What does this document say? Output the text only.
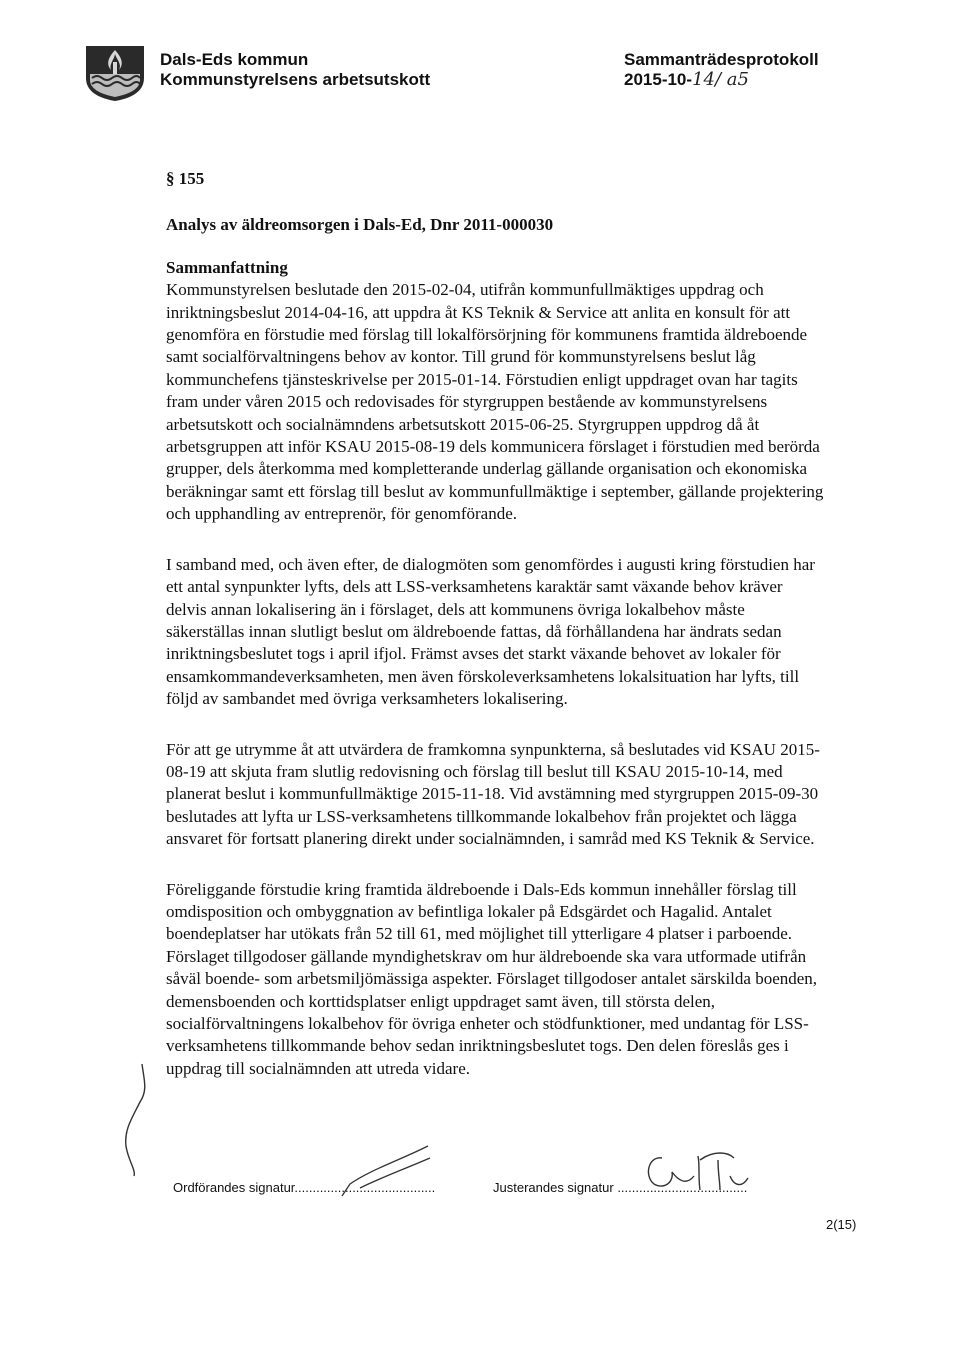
Dals-Eds kommun
Kommunstyrelsens arbetsutskott
Sammanträdesprotokoll
2015-10-14/ a5
§ 155
Analys av äldreomsorgen i Dals-Ed, Dnr 2011-000030
Sammanfattning

Kommunstyrelsen beslutade den 2015-02-04, utifrån kommunfullmäktiges uppdrag och inriktningsbeslut 2014-04-16, att uppdra åt KS Teknik & Service att anlita en konsult för att genomföra en förstudie med förslag till lokalförsörjning för kommunens framtida äldreboende samt socialförvaltningens behov av kontor. Till grund för kommunstyrelsens beslut låg kommunchefens tjänsteskrivelse per 2015-01-14. Förstudien enligt uppdraget ovan har tagits fram under våren 2015 och redovisades för styrgruppen bestående av kommunstyrelsens arbetsutskott och socialnämndens arbetsutskott 2015-06-25. Styrgruppen uppdrog då åt arbetsgruppen att inför KSAU 2015-08-19 dels kommunicera förslaget i förstudien med berörda grupper, dels återkomma med kompletterande underlag gällande organisation och ekonomiska beräkningar samt ett förslag till beslut av kommunfullmäktige i september, gällande projektering och upphandling av entreprenör, för genomförande.

I samband med, och även efter, de dialogmöten som genomfördes i augusti kring förstudien har ett antal synpunkter lyfts, dels att LSS-verksamhetens karaktär samt växande behov kräver delvis annan lokalisering än i förslaget, dels att kommunens övriga lokalbehov måste säkerställas innan slutligt beslut om äldreboende fattas, då förhållandena har ändrats sedan inriktningsbeslutet togs i april ifjol. Främst avses det starkt växande behovet av lokaler för ensamkommandeverksamheten, men även förskoleverksamhetens lokalsituation har lyfts, till följd av sambandet med övriga verksamheters lokalisering.

För att ge utrymme åt att utvärdera de framkomna synpunkterna, så beslutades vid KSAU 2015-08-19 att skjuta fram slutlig redovisning och förslag till beslut till KSAU 2015-10-14, med planerat beslut i kommunfullmäktige 2015-11-18. Vid avstämning med styrgruppen 2015-09-30 beslutades att lyfta ur LSS-verksamhetens tillkommande lokalbehov från projektet och lägga ansvaret för fortsatt planering direkt under socialnämnden, i samråd med KS Teknik & Service.

Föreliggande förstudie kring framtida äldreboende i Dals-Eds kommun innehåller förslag till omdisposition och ombyggnation av befintliga lokaler på Edsgärdet och Hagalid. Antalet boendeplatser har utökats från 52 till 61, med möjlighet till ytterligare 4 platser i parboende. Förslaget tillgodoser gällande myndighetskrav om hur äldreboende ska vara utformade utifrån såväl boende- som arbetsmiljömässiga aspekter. Förslaget tillgodoser antalet särskilda boenden, demensboenden och korttidsplatser enligt uppdraget samt även, till största delen, socialförvaltningens lokalbehov för övriga enheter och stödfunktioner, med undantag för LSS-verksamhetens tillkommande behov sedan inriktningsbeslutet togs. Den delen föreslås ges i uppdrag till socialnämnden att utreda vidare.

Ordförandes signatur.......................................	Justerandes signatur ....................................
2(15)
